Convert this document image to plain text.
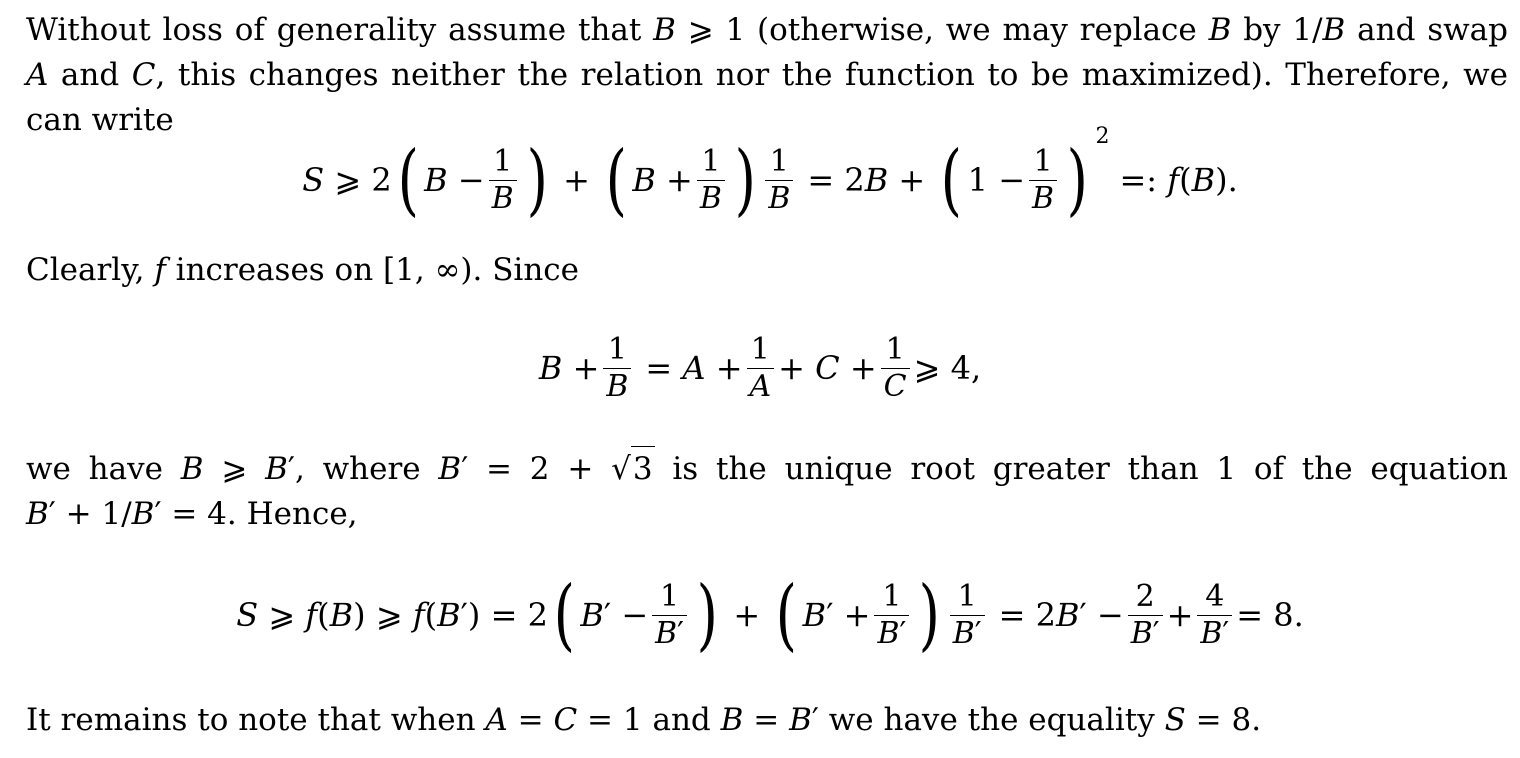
Without loss of generality assume that B ⩾ 1 (otherwise, we may replace B by 1/B and swap
A and C, this changes neither the relation nor the function to be maximized). Therefore, we
can write
S ⩾ 2 ( $B - \frac{1}{B}$ ) + ( $B + \frac{1}{B}$ ) $\frac{1}{B} = 2B$ + ( $1 - \frac{1}{B}$ ) 2
=: f(B).
Clearly, f increases on [1, ∞). Since
$B + \frac{1}{B} = A + \frac{1}{A} + C + \frac{1}{C}$ ⩾ 4,
we have B ⩾ B′, where B′ = 2 + √3 is the unique root greater than 1 of the equation
B′ + 1/B′ = 4. Hence,
S ⩾ f(B) ⩾ f(B′) = 2 ( $B' - \frac{1}{B'}$ ) + ( $B' + \frac{1}{B'}$ ) $\frac{1}{B'} = 2B' - \frac{2}{B'} + \frac{4}{B'} = 8$.
It remains to note that when A = C = 1 and B = B′ we have the equality S = 8.
